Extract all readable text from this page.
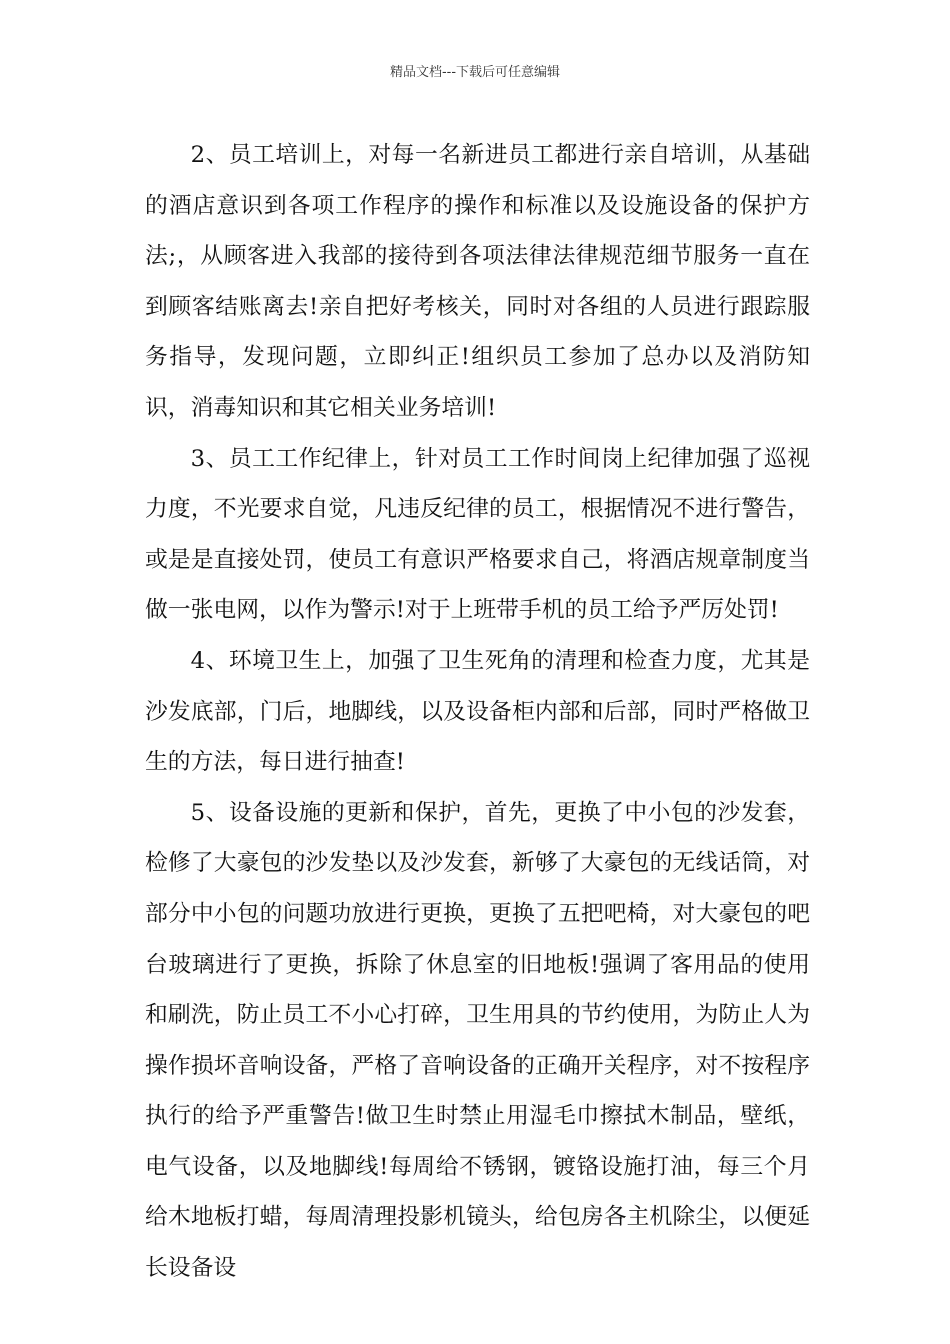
精品文档---下载后可任意编辑

2、员工培训上，对每一名新进员工都进行亲自培训，从基础的酒店意识到各项工作程序的操作和标准以及设施设备的保护方法;，从顾客进入我部的接待到各项法律法律规范细节服务一直在到顾客结账离去!亲自把好考核关，同时对各组的人员进行跟踪服务指导，发现问题，立即纠正!组织员工参加了总办以及消防知识，消毒知识和其它相关业务培训!

3、员工工作纪律上，针对员工工作时间岗上纪律加强了巡视力度，不光要求自觉，凡违反纪律的员工，根据情况不进行警告，或是是直接处罚，使员工有意识严格要求自己，将酒店规章制度当做一张电网，以作为警示!对于上班带手机的员工给予严厉处罚!

4、环境卫生上，加强了卫生死角的清理和检查力度，尤其是沙发底部，门后，地脚线，以及设备柜内部和后部，同时严格做卫生的方法，每日进行抽查!

5、设备设施的更新和保护，首先，更换了中小包的沙发套，检修了大豪包的沙发垫以及沙发套，新够了大豪包的无线话筒，对部分中小包的问题功放进行更换，更换了五把吧椅，对大豪包的吧台玻璃进行了更换，拆除了休息室的旧地板!强调了客用品的使用和刷洗，防止员工不小心打碎，卫生用具的节约使用，为防止人为操作损坏音响设备，严格了音响设备的正确开关程序，对不按程序执行的给予严重警告!做卫生时禁止用湿毛巾擦拭木制品，壁纸，电气设备，以及地脚线!每周给不锈钢，镀铬设施打油，每三个月给木地板打蜡，每周清理投影机镜头，给包房各主机除尘，以便延长设备设
